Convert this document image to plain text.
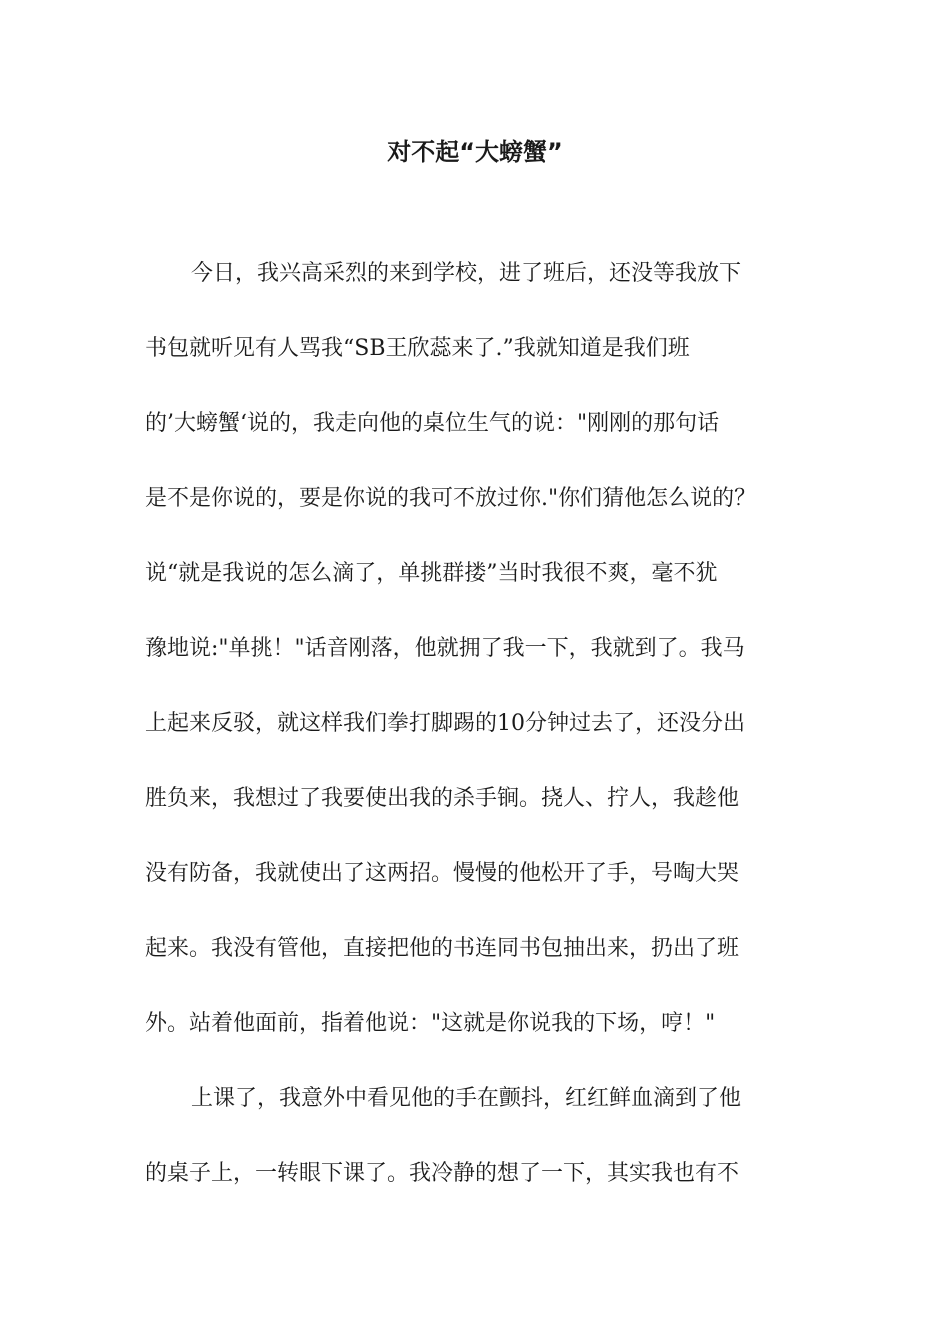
对不起“大螃蟹”
今日，我兴高采烈的来到学校，进了班后，还没等我放下
书包就听见有人骂我“SB王欣蕊来了.”我就知道是我们班
的’大螃蟹‘说的，我走向他的桌位生气的说："刚刚的那句话
是不是你说的，要是你说的我可不放过你."你们猜他怎么说的？
说“就是我说的怎么滴了，单挑群搂”当时我很不爽，毫不犹
豫地说:"单挑！"话音刚落，他就拥了我一下，我就到了。我马
上起来反驳，就这样我们拳打脚踢的10分钟过去了，还没分出
胜负来，我想过了我要使出我的杀手锏。挠人、拧人，我趁他
没有防备，我就使出了这两招。慢慢的他松开了手，号啕大哭
起来。我没有管他，直接把他的书连同书包抽出来，扔出了班
外。站着他面前，指着他说："这就是你说我的下场，哼！"
上课了，我意外中看见他的手在颤抖，红红鲜血滴到了他
的桌子上，一转眼下课了。我冷静的想了一下，其实我也有不
